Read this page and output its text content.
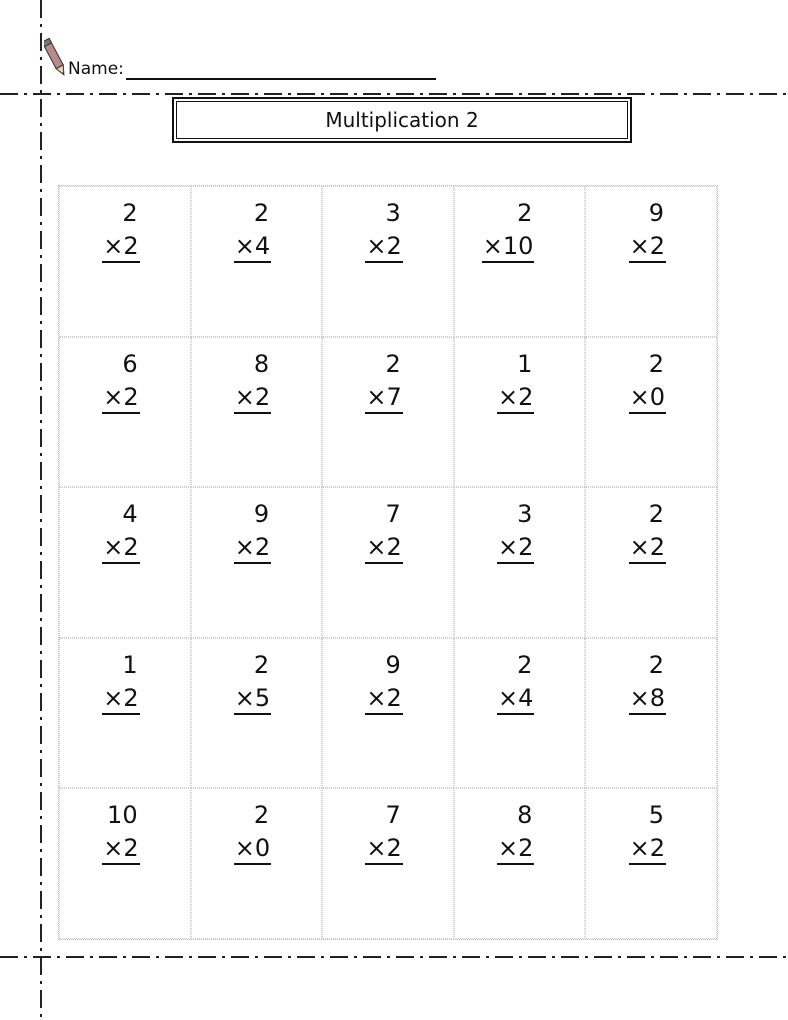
Name:
Multiplication 2
2
×2
2
×4
3
×2
2
×10
9
×2
6
×2
8
×2
2
×7
1
×2
2
×0
4
×2
9
×2
7
×2
3
×2
2
×2
1
×2
2
×5
9
×2
2
×4
2
×8
10
×2
2
×0
7
×2
8
×2
5
×2
